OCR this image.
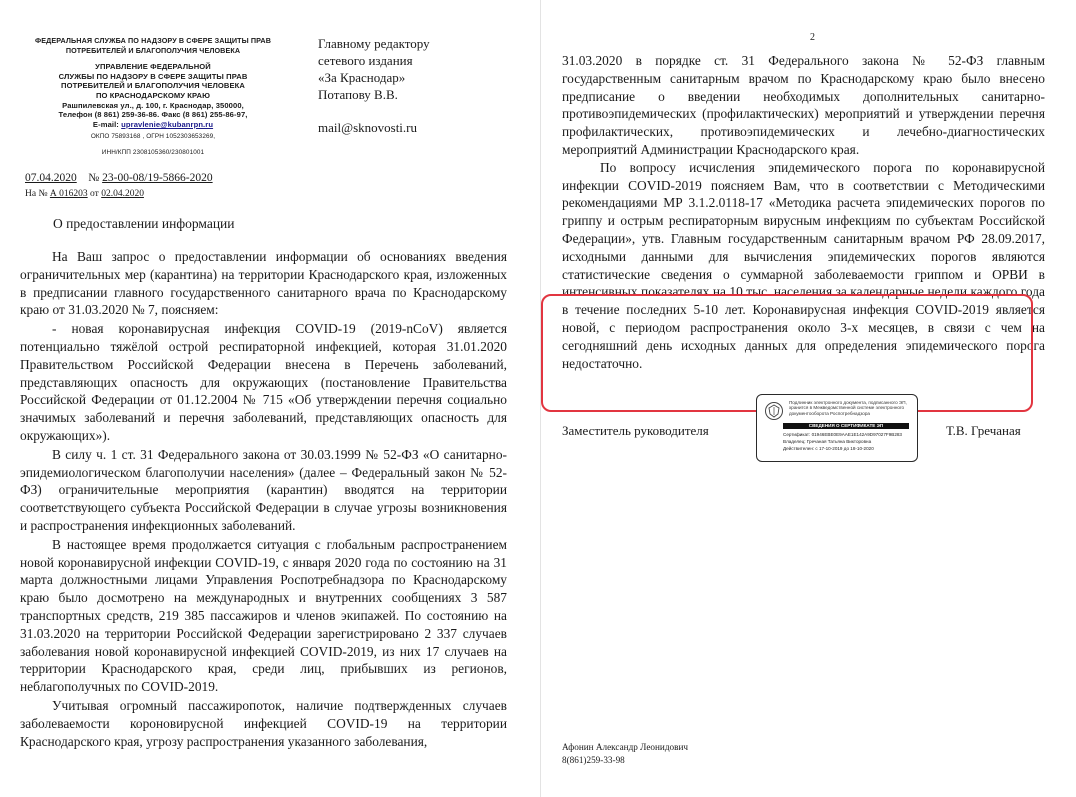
ФЕДЕРАЛЬНАЯ СЛУЖБА ПО НАДЗОРУ В СФЕРЕ ЗАЩИТЫ ПРАВ
ПОТРЕБИТЕЛЕЙ И БЛАГОПОЛУЧИЯ ЧЕЛОВЕКА
УПРАВЛЕНИЕ ФЕДЕРАЛЬНОЙ
СЛУЖБЫ ПО НАДЗОРУ В СФЕРЕ ЗАЩИТЫ ПРАВ
ПОТРЕБИТЕЛЕЙ И БЛАГОПОЛУЧИЯ ЧЕЛОВЕКА
ПО КРАСНОДАРСКОМУ КРАЮ
Рашпилевская ул., д. 100, г. Краснодар, 350000,
Телефон (8 861) 259-36-86. Факс (8 861) 255-86-97,
E-mail: upravlenie@kubanrpn.ru
ОКПО 75893168 , ОГРН 1052303653269,
ИНН/КПП 2308105360/230801001
Главному редактору
сетевого издания
«За Краснодар»
Потапову В.В.
mail@sknovosti.ru
07.04.2020 № 23-00-08/19-5866-2020
На № А 016203 от 02.04.2020
О предоставлении информации

На Ваш запрос о предоставлении информации об основаниях введения ограничительных мер (карантина) на территории Краснодарского края, изложенных в предписании главного государственного санитарного врача по Краснодарскому краю от 31.03.2020 № 7, поясняем:

- новая коронавирусная инфекция COVID-19 (2019-nCoV) является потенциально тяжёлой острой респираторной инфекцией, которая 31.01.2020 Правительством Российской Федерации внесена в Перечень заболеваний, представляющих опасность для окружающих (постановление Правительства Российской Федерации от 01.12.2004 № 715 «Об утверждении перечня социально значимых заболеваний и перечня заболеваний, представляющих опасность для окружающих»).

В силу ч. 1 ст. 31 Федерального закона от 30.03.1999 № 52-ФЗ «О санитарно-эпидемиологическом благополучии населения» (далее – Федеральный закон № 52-ФЗ) ограничительные мероприятия (карантин) вводятся на территории соответствующего субъекта Российской Федерации в случае угрозы возникновения и распространения инфекционных заболеваний.

В настоящее время продолжается ситуация с глобальным распространением новой коронавирусной инфекции COVID-19, с января 2020 года по состоянию на 31 марта должностными лицами Управления Роспотребнадзора по Краснодарскому краю было досмотрено на международных и внутренних сообщениях 3 587 транспортных средств, 219 385 пассажиров и членов экипажей. По состоянию на 31.03.2020 на территории Российской Федерации зарегистрировано 2 337 случаев заболевания новой коронавирусной инфекцией COVID-2019, из них 17 случаев на территории Краснодарского края, среди лиц, прибывших из регионов, неблагополучных по COVID-2019.

Учитывая огромный пассажиропоток, наличие подтвержденных случаев заболеваемости короновирусной инфекцией COVID-19 на территории Краснодарского края, угрозу распространения указанного заболевания,

2

31.03.2020 в порядке ст. 31 Федерального закона № 52-ФЗ главным государственным санитарным врачом по Краснодарскому краю было внесено предписание о введении необходимых дополнительных санитарно-противоэпидемических (профилактических) мероприятий и утверждении перечня профилактических, противоэпидемических и лечебно-диагностических мероприятий Администрации Краснодарского края.

По вопросу исчисления эпидемического порога по коронавирусной инфекции COVID-2019 поясняем Вам, что в соответствии с Методическими рекомендациями МР 3.1.2.0118-17 «Методика расчета эпидемических порогов по гриппу и острым респираторным вирусным инфекциям по субъектам Российской Федерации», утв. Главным государственным санитарным врачом РФ 28.09.2017, исходными данными для вычисления эпидемических порогов являются статистические сведения о суммарной заболеваемости гриппом и ОРВИ в интенсивных показателях на 10 тыс. населения за календарные недели каждого года в течение последних 5-10 лет. Коронавирусная инфекция COVID-2019 является новой, с периодом распространения около 3-х месяцев, в связи с чем на сегодняшний день исходных данных для определения эпидемического порога недостаточно.

Заместитель руководителя	Т.В. Гречаная
Подлинник электронного документа, подписанного ЭП, хранится в Межведомственной системе электронного документооборота Роспотребнадзора
СВЕДЕНИЯ О СЕРТИФИКАТЕ ЭП
Сертификат: 01946EBE0E9AAE1E142A9D97027F9B283
Владелец: Гречаная Татьяна Викторовна
Действителен: с 17-10-2019 до 18-10-2020
Афонин Александр Леонидович
8(861)259-33-98
